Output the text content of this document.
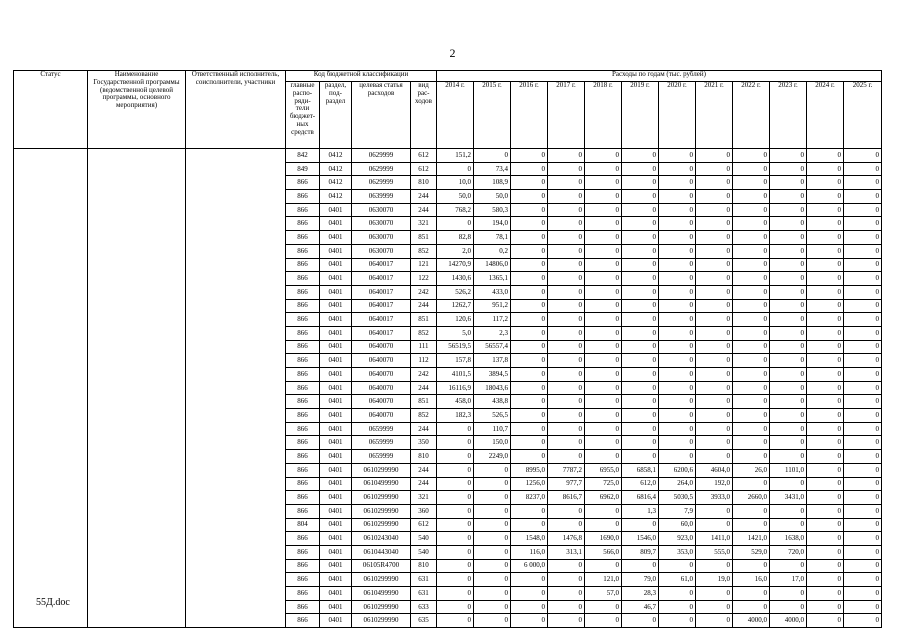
2
Статус	Наименование Государственной программы (ведомственной целевой программы, основного мероприятия)	Ответственный исполнитель, соисполнители, участники	Код бюджетной классификации				Расходы по годам (тыс. рублей)											
			главные распо-ряди-тели бюджет-ных средств	раздел, под-раздел	целевая статья расходов	вид рас-ходов	2014 г.	2015 г.	2016 г.	2017 г.	2018 г.	2019 г.	2020 г.	2021 г.	2022 г.	2023 г.	2024 г.	2025 г.
			842	0412	0629999	612	151,2	0	0	0	0	0	0	0	0	0	0	0
			849	0412	0629999	612	0	73,4	0	0	0	0	0	0	0	0	0	0
			866	0412	0629999	810	10,0	108,9	0	0	0	0	0	0	0	0	0	0
			866	0412	0639999	244	50,0	50,0	0	0	0	0	0	0	0	0	0	0
			866	0401	0630070	244	768,2	580,3	0	0	0	0	0	0	0	0	0	0
			866	0401	0630070	321	0	194,0	0	0	0	0	0	0	0	0	0	0
			866	0401	0630070	851	82,8	78,1	0	0	0	0	0	0	0	0	0	0
			866	0401	0630070	852	2,0	0,2	0	0	0	0	0	0	0	0	0	0
			866	0401	0640017	121	14270,9	14806,0	0	0	0	0	0	0	0	0	0	0
			866	0401	0640017	122	1430,6	1365,1	0	0	0	0	0	0	0	0	0	0
			866	0401	0640017	242	526,2	433,0	0	0	0	0	0	0	0	0	0	0
			866	0401	0640017	244	1262,7	951,2	0	0	0	0	0	0	0	0	0	0
			866	0401	0640017	851	120,6	117,2	0	0	0	0	0	0	0	0	0	0
			866	0401	0640017	852	5,0	2,3	0	0	0	0	0	0	0	0	0	0
			866	0401	0640070	111	56519,5	56557,4	0	0	0	0	0	0	0	0	0	0
			866	0401	0640070	112	157,8	137,8	0	0	0	0	0	0	0	0	0	0
			866	0401	0640070	242	4101,5	3894,5	0	0	0	0	0	0	0	0	0	0
			866	0401	0640070	244	16116,9	18043,6	0	0	0	0	0	0	0	0	0	0
			866	0401	0640070	851	458,0	438,8	0	0	0	0	0	0	0	0	0	0
			866	0401	0640070	852	182,3	526,5	0	0	0	0	0	0	0	0	0	0
			866	0401	0659999	244	0	110,7	0	0	0	0	0	0	0	0	0	0
			866	0401	0659999	350	0	150,0	0	0	0	0	0	0	0	0	0	0
			866	0401	0659999	810	0	2249,0	0	0	0	0	0	0	0	0	0	0
			866	0401	0610299990	244	0	0	8995,0	7787,2	6955,0	6858,1	6200,6	4604,0	26,0	1101,0	0	0
			866	0401	0610499990	244	0	0	1256,0	977,7	725,0	612,0	264,0	192,0	0	0	0	0
			866	0401	0610299990	321	0	0	8237,0	8616,7	6962,0	6816,4	5030,5	3933,0	2660,0	3431,0	0	0
			866	0401	0610299990	360	0	0	0	0	0	1,3	7,9	0	0	0	0	0
			804	0401	0610299990	612	0	0	0	0	0	0	60,0	0	0	0	0	0
			866	0401	0610243040	540	0	0	1548,0	1476,8	1690,0	1546,0	923,0	1411,0	1421,0	1638,0	0	0
			866	0401	0610443040	540	0	0	116,0	313,1	566,0	809,7	353,0	555,0	529,0	720,0	0	0
			866	0401	06105R4700	810	0	0	6 000,0	0	0	0	0	0	0	0	0	0
			866	0401	0610299990	631	0	0	0	0	121,0	79,0	61,0	19,0	16,0	17,0	0	0
			866	0401	0610499990	631	0	0	0	0	57,0	28,3	0	0	0	0	0	0
			866	0401	0610299990	633	0	0	0	0	0	46,7	0	0	0	0	0	0
			866	0401	0610299990	635	0	0	0	0	0	0	0	0	4000,0	4000,0	0	0
55Д.doc
